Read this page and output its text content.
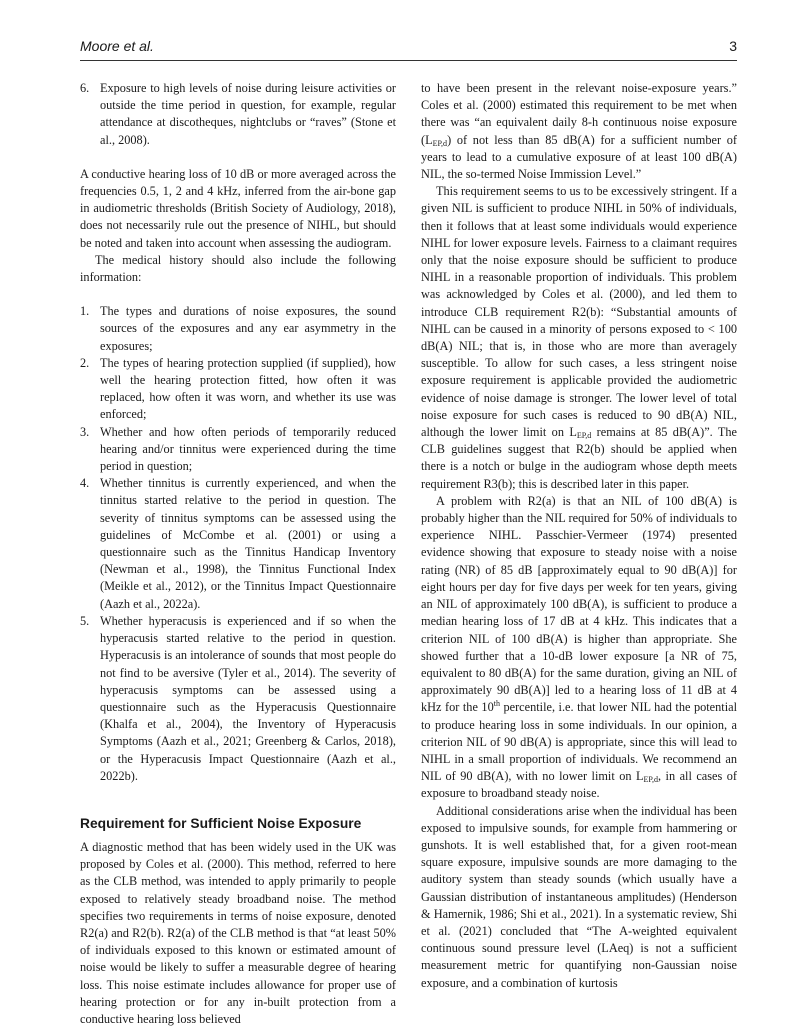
Moore et al.	3
6. Exposure to high levels of noise during leisure activities or outside the time period in question, for example, regular attendance at discotheques, nightclubs or “raves” (Stone et al., 2008).

A conductive hearing loss of 10 dB or more averaged across the frequencies 0.5, 1, 2 and 4 kHz, inferred from the air-bone gap in audiometric thresholds (British Society of Audiology, 2018), does not necessarily rule out the presence of NIHL, but should be noted and taken into account when assessing the audiogram.

The medical history should also include the following information:

1. The types and durations of noise exposures, the sound sources of the exposures and any ear asymmetry in the exposures;
2. The types of hearing protection supplied (if supplied), how well the hearing protection fitted, how often it was replaced, how often it was worn, and whether its use was enforced;
3. Whether and how often periods of temporarily reduced hearing and/or tinnitus were experienced during the time period in question;
4. Whether tinnitus is currently experienced, and when the tinnitus started relative to the period in question. The severity of tinnitus symptoms can be assessed using the guidelines of McCombe et al. (2001) or using a questionnaire such as the Tinnitus Handicap Inventory (Newman et al., 1998), the Tinnitus Functional Index (Meikle et al., 2012), or the Tinnitus Impact Questionnaire (Aazh et al., 2022a).
5. Whether hyperacusis is experienced and if so when the hyperacusis started relative to the period in question. Hyperacusis is an intolerance of sounds that most people do not find to be aversive (Tyler et al., 2014). The severity of hyperacusis symptoms can be assessed using a questionnaire such as the Hyperacusis Questionnaire (Khalfa et al., 2004), the Inventory of Hyperacusis Symptoms (Aazh et al., 2021; Greenberg & Carlos, 2018), or the Hyperacusis Impact Questionnaire (Aazh et al., 2022b).
Requirement for Sufficient Noise Exposure

A diagnostic method that has been widely used in the UK was proposed by Coles et al. (2000). This method, referred to here as the CLB method, was intended to apply primarily to people exposed to relatively steady broadband noise. The method specifies two requirements in terms of noise exposure, denoted R2(a) and R2(b). R2(a) of the CLB method is that “at least 50% of individuals exposed to this known or estimated amount of noise would be likely to suffer a measurable degree of hearing loss. This noise estimate includes allowance for proper use of hearing protection or for any in-built protection from a conductive hearing loss believed

to have been present in the relevant noise-exposure years.” Coles et al. (2000) estimated this requirement to be met when there was “an equivalent daily 8-h continuous noise exposure $(L_{EP,d})$ of not less than 85 dB(A) for a sufficient number of years to lead to a cumulative exposure of at least 100 dB(A) NIL, the so-termed Noise Immission Level.”

This requirement seems to us to be excessively stringent. If a given NIL is sufficient to produce NIHL in 50% of individuals, then it follows that at least some individuals would experience NIHL for lower exposure levels. Fairness to a claimant requires only that the noise exposure should be sufficient to produce NIHL in a reasonable proportion of individuals. This problem was acknowledged by Coles et al. (2000), and led them to introduce CLB requirement R2(b): “Substantial amounts of NIHL can be caused in a minority of persons exposed to < 100 dB(A) NIL; that is, in those who are more than averagely susceptible. To allow for such cases, a less stringent noise exposure requirement is applicable provided the audiometric evidence of noise damage is stronger. The lower level of total noise exposure for such cases is reduced to 90 dB(A) NIL, although the lower limit on $L_{EP,d}$ remains at 85 dB(A)”. The CLB guidelines suggest that R2(b) should be applied when there is a notch or bulge in the audiogram whose depth meets requirement R3(b); this is described later in this paper.

A problem with R2(a) is that an NIL of 100 dB(A) is probably higher than the NIL required for 50% of individuals to experience NIHL. Passchier-Vermeer (1974) presented evidence showing that exposure to steady noise with a noise rating (NR) of 85 dB [approximately equal to 90 dB(A)] for eight hours per day for five days per week for ten years, giving an NIL of approximately 100 dB(A), is sufficient to produce a median hearing loss of 17 dB at 4 kHz. This indicates that a criterion NIL of 100 dB(A) is higher than appropriate. She showed further that a 10-dB lower exposure [a NR of 75, equivalent to 80 dB(A) for the same duration, giving an NIL of approximately 90 dB(A)] led to a hearing loss of 11 dB at 4 kHz for the 10th percentile, i.e. that lower NIL had the potential to produce hearing loss in some individuals. In our opinion, a criterion NIL of 90 dB(A) is appropriate, since this will lead to NIHL in a small proportion of individuals. We recommend an NIL of 90 dB(A), with no lower limit on $L_{EP,d}$, in all cases of exposure to broadband steady noise.

Additional considerations arise when the individual has been exposed to impulsive sounds, for example from hammering or gunshots. It is well established that, for a given root-mean square exposure, impulsive sounds are more damaging to the auditory system than steady sounds (which usually have a Gaussian distribution of instantaneous amplitudes) (Henderson & Hamernik, 1986; Shi et al., 2021). In a systematic review, Shi et al. (2021) concluded that “The A-weighted equivalent continuous sound pressure level (LAeq) is not a sufficient measurement metric for quantifying non-Gaussian noise exposure, and a combination of kurtosis
